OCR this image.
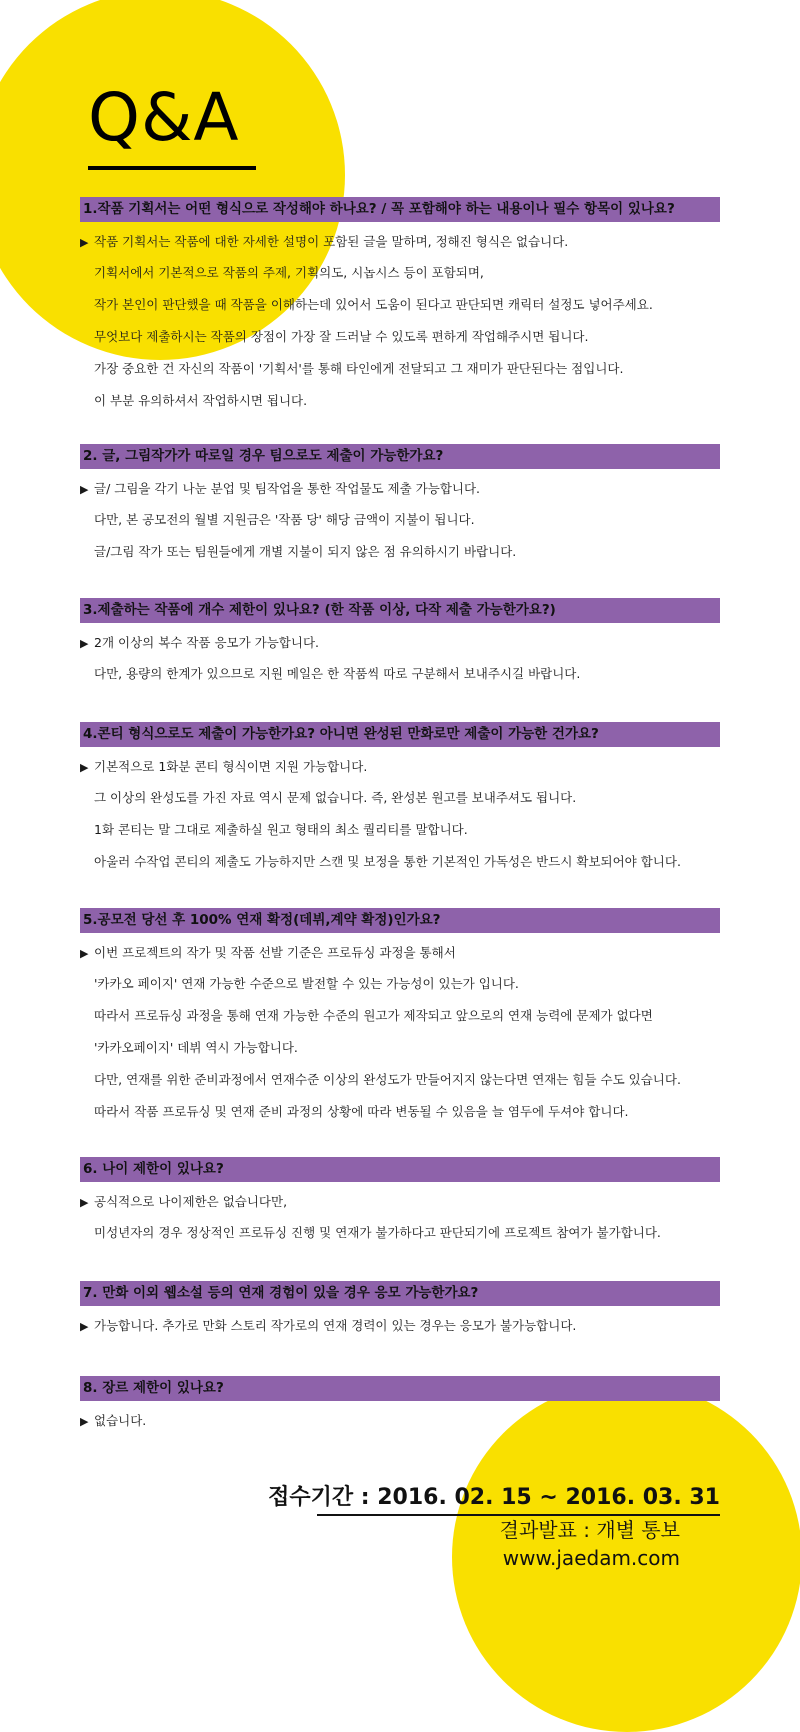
Q&A
1.작품 기획서는 어떤 형식으로 작성해야 하나요? / 꼭 포함해야 하는 내용이나 필수 항목이 있나요?
▶ 작품 기획서는 작품에 대한 자세한 설명이 포함된 글을 말하며, 정해진 형식은 없습니다.
기획서에서 기본적으로 작품의 주제, 기획의도, 시놉시스 등이 포함되며,
작가 본인이 판단했을 때 작품을 이해하는데 있어서 도움이 된다고 판단되면 캐릭터 설정도 넣어주세요.
무엇보다 제출하시는 작품의 장점이 가장 잘 드러날 수 있도록 편하게 작업해주시면 됩니다.
가장 중요한 건 자신의 작품이 '기획서'를 통해 타인에게 전달되고 그 재미가 판단된다는 점입니다.
이 부분 유의하셔서 작업하시면 됩니다.
2. 글, 그림작가가 따로일 경우 팀으로도 제출이 가능한가요?
▶ 글/ 그림을 각기 나눈 분업 및 팀작업을 통한 작업물도 제출 가능합니다.
다만, 본 공모전의 월별 지원금은 '작품 당' 해당 금액이 지불이 됩니다.
글/그림 작가 또는 팀원들에게 개별 지불이 되지 않은 점 유의하시기 바랍니다.
3.제출하는 작품에 개수 제한이 있나요? (한 작품 이상, 다작 제출 가능한가요?)
▶ 2개 이상의 복수 작품 응모가 가능합니다.
다만, 용량의 한계가 있으므로 지원 메일은 한 작품씩 따로 구분해서 보내주시길 바랍니다.
4.콘티 형식으로도 제출이 가능한가요? 아니면 완성된 만화로만 제출이 가능한 건가요?
▶ 기본적으로 1화분 콘티 형식이면 지원 가능합니다.
그 이상의 완성도를 가진 자료 역시 문제 없습니다. 즉, 완성본 원고를 보내주셔도 됩니다.
1화 콘티는 말 그대로 제출하실 원고 형태의 최소 퀄리티를 말합니다.
아울러 수작업 콘티의 제출도 가능하지만 스캔 및 보정을 통한 기본적인 가독성은 반드시 확보되어야 합니다.
5.공모전 당선 후 100% 연재 확정(데뷔,계약 확정)인가요?
▶ 이번 프로젝트의 작가 및 작품 선발 기준은 프로듀싱 과정을 통해서
'카카오 페이지' 연재 가능한 수준으로 발전할 수 있는 가능성이 있는가 입니다.
따라서 프로듀싱 과정을 통해 연재 가능한 수준의 원고가 제작되고 앞으로의 연재 능력에 문제가 없다면
'카카오페이지' 데뷔 역시 가능합니다.
다만, 연재를 위한 준비과정에서 연재수준 이상의 완성도가 만들어지지 않는다면 연재는 힘들 수도 있습니다.
따라서 작품 프로듀싱 및 연재 준비 과정의 상황에 따라 변동될 수 있음을 늘 염두에 두셔야 합니다.
6. 나이 제한이 있나요?
▶ 공식적으로 나이제한은 없습니다만,
미성년자의 경우 정상적인 프로듀싱 진행 및 연재가 불가하다고 판단되기에 프로젝트 참여가 불가합니다.
7. 만화 이외 웹소설 등의 연재 경험이 있을 경우 응모 가능한가요?
▶ 가능합니다. 추가로 만화 스토리 작가로의 연재 경력이 있는 경우는 응모가 불가능합니다.
8. 장르 제한이 있나요?
▶ 없습니다.
접수기간 : 2016. 02. 15 ~ 2016. 03. 31
결과발표 : 개별 통보
www.jaedam.com
